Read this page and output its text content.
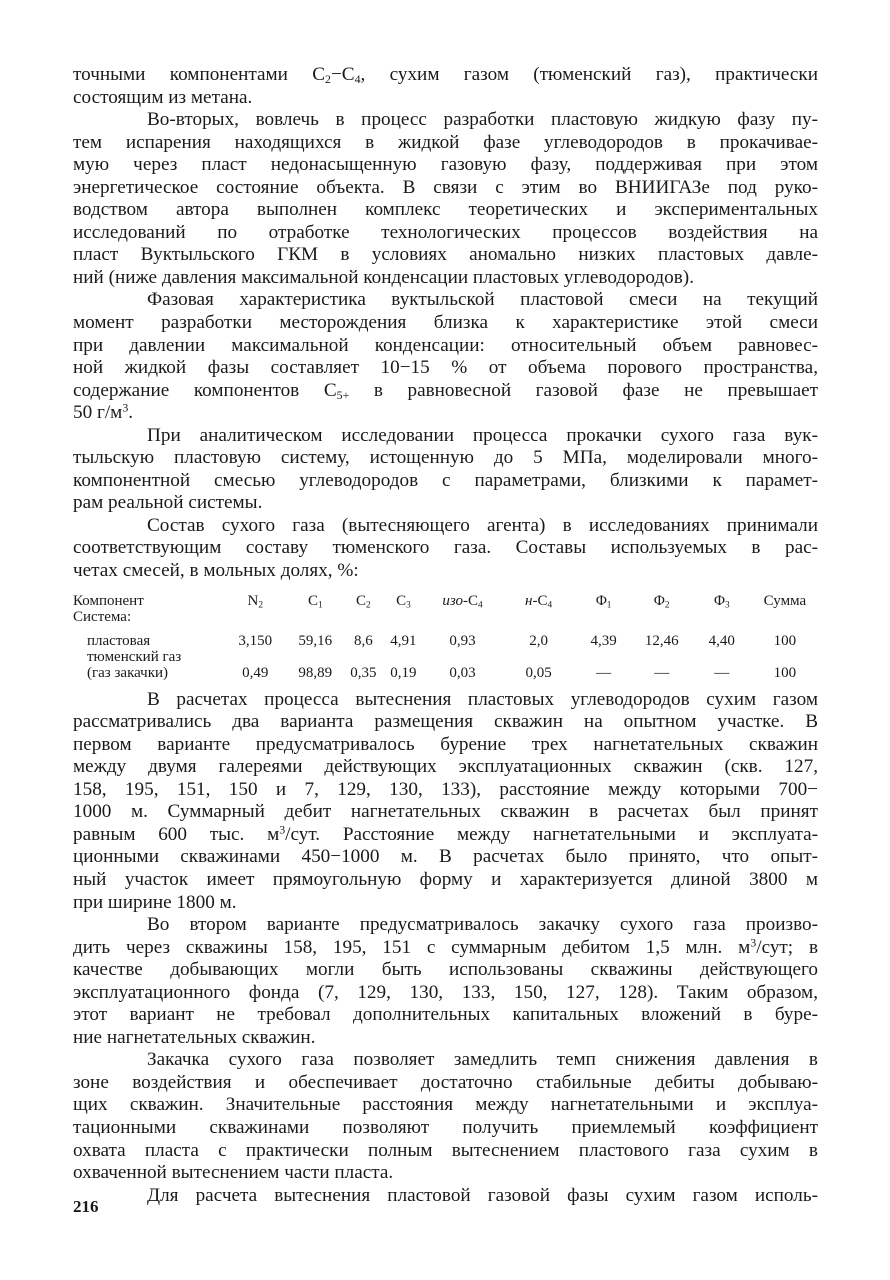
точными компонентами $C_2-C_4$, сухим газом (тюменский газ), практически
состоящим из метана.
Во-вторых, вовлечь в процесс разработки пластовую жидкую фазу пу-
тем испарения находящихся в жидкой фазе углеводородов в прокачивае-
мую через пласт недонасыщенную газовую фазу, поддерживая при этом
энергетическое состояние объекта. В связи с этим во ВНИИГАЗе под руко-
водством автора выполнен комплекс теоретических и экспериментальных
исследований по отработке технологических процессов воздействия на
пласт Вуктыльского ГКМ в условиях аномально низких пластовых давле-
ний (ниже давления максимальной конденсации пластовых углеводородов).
Фазовая характеристика вуктыльской пластовой смеси на текущий
момент разработки месторождения близка к характеристике этой смеси
при давлении максимальной конденсации: относительный объем равновес-
ной жидкой фазы составляет 10−15 % от объема порового пространства,
содержание компонентов $C_{5+}$ в равновесной газовой фазе не превышает
50 $г/м^3$.
При аналитическом исследовании процесса прокачки сухого газа вук-
тыльскую пластовую систему, истощенную до 5 МПа, моделировали много-
компонентной смесью углеводородов с параметрами, близкими к парамет-
рам реальной системы.
Состав сухого газа (вытесняющего агента) в исследованиях принимали
соответствующим составу тюменского газа. Составы используемых в рас-
четах смесей, в мольных долях, %:
Компонент	$N_2$	$C_1$	$C_2$	$C_3$	изо-$C_4$	$н-C_4$	$\Phi_1$	$\Phi_2$	$\Phi_3$	Сумма
Система:										
пластовая	3,150	59,16	8,6	4,91	0,93	2,0	4,39	12,46	4,40	100
тюменский газ
(газ закачки)	0,49	98,89	0,35	0,19	0,03	0,05	—	—	—	100
В расчетах процесса вытеснения пластовых углеводородов сухим газом
рассматривались два варианта размещения скважин на опытном участке. В
первом варианте предусматривалось бурение трех нагнетательных скважин
между двумя галереями действующих эксплуатационных скважин (скв. 127,
158, 195, 151, 150 и 7, 129, 130, 133), расстояние между которыми 700−
1000 м. Суммарный дебит нагнетательных скважин в расчетах был принят
равным 600 тыс. $м^3$/сут. Расстояние между нагнетательными и эксплуата-
ционными скважинами 450−1000 м. В расчетах было принято, что опыт-
ный участок имеет прямоугольную форму и характеризуется длиной 3800 м
при ширине 1800 м.
Во втором варианте предусматривалось закачку сухого газа произво-
дить через скважины 158, 195, 151 с суммарным дебитом 1,5 млн. $м^3$/сут; в
качестве добывающих могли быть использованы скважины действующего
эксплуатационного фонда (7, 129, 130, 133, 150, 127, 128). Таким образом,
этот вариант не требовал дополнительных капитальных вложений в буре-
ние нагнетательных скважин.
Закачка сухого газа позволяет замедлить темп снижения давления в
зоне воздействия и обеспечивает достаточно стабильные дебиты добываю-
щих скважин. Значительные расстояния между нагнетательными и эксплуа-
тационными скважинами позволяют получить приемлемый коэффициент
охвата пласта с практически полным вытеснением пластового газа сухим в
охваченной вытеснением части пласта.
Для расчета вытеснения пластовой газовой фазы сухим газом исполь-
216
